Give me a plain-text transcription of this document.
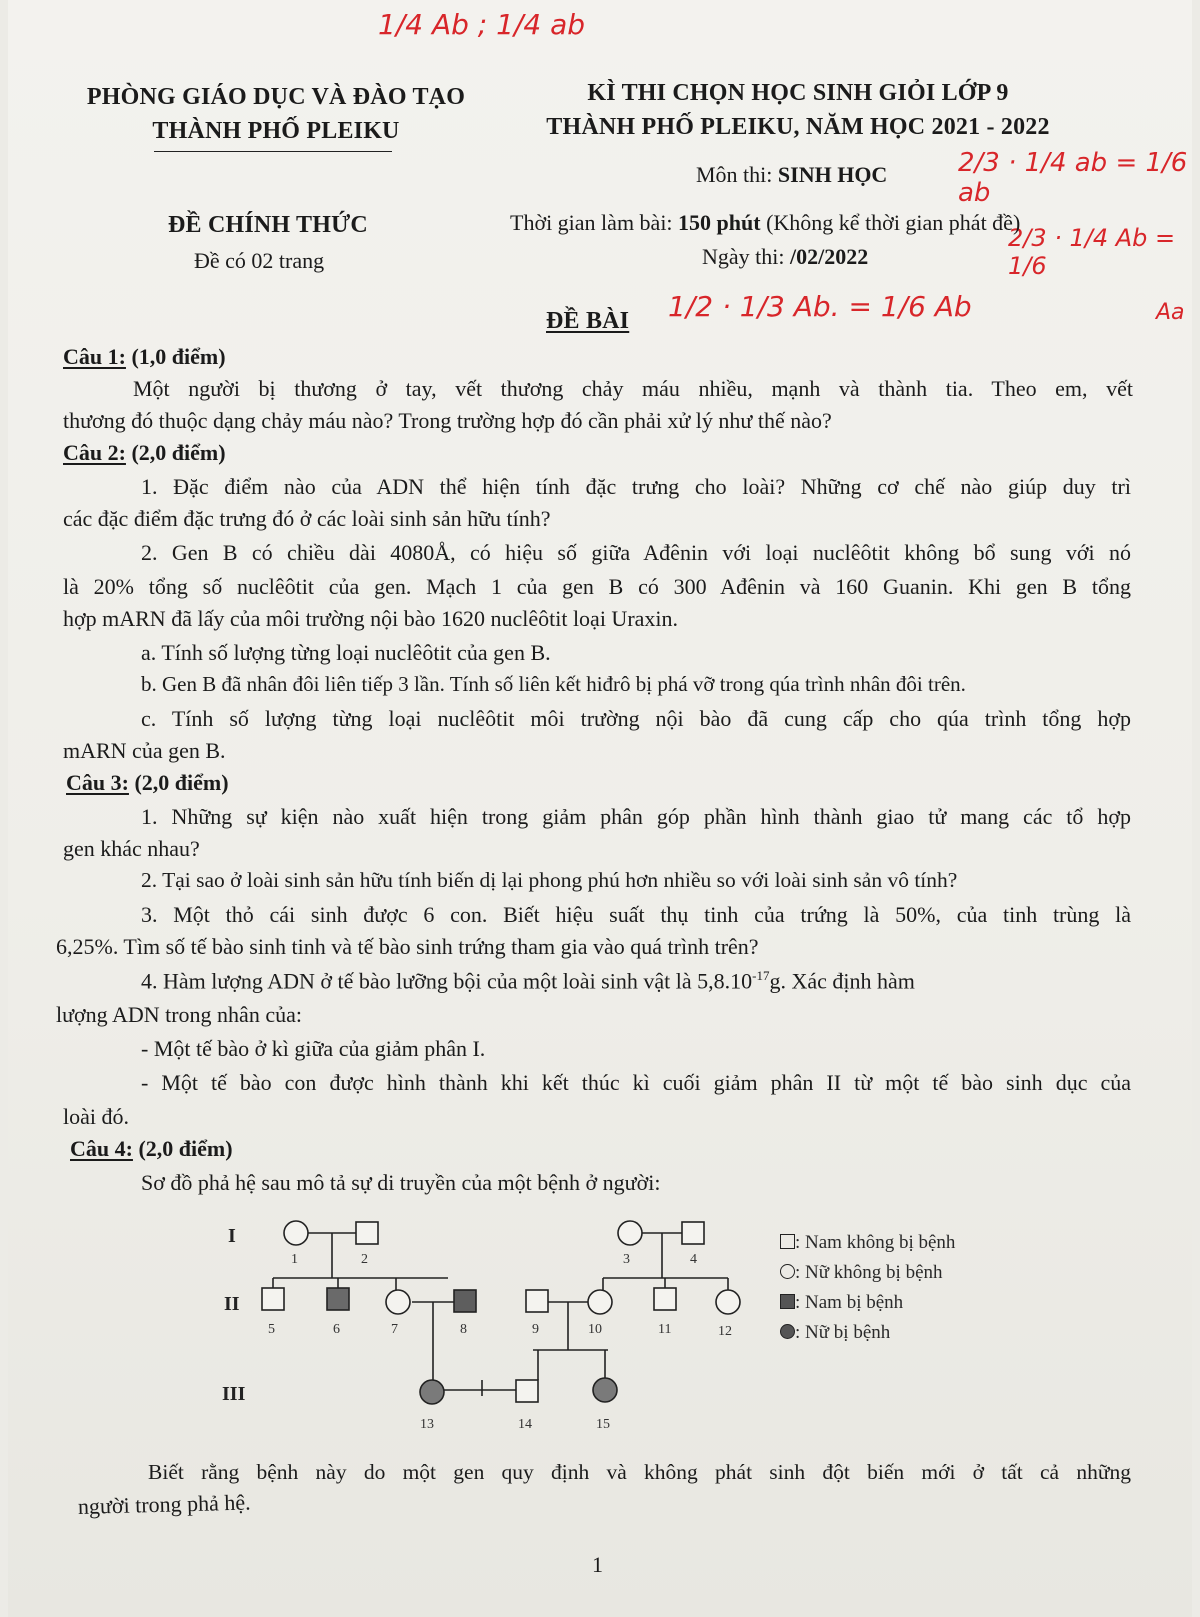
1/4 Ab ; 1/4 ab
2/3 · 1/4 ab = 1/6 ab
2/3 · 1/4 Ab = 1/6
1/2 · 1/3 Ab. = 1/6 Ab	Aa
PHÒNG GIÁO DỤC VÀ ĐÀO TẠO
THÀNH PHỐ PLEIKU
KÌ THI CHỌN HỌC SINH GIỎI LỚP 9
THÀNH PHỐ PLEIKU, NĂM HỌC 2021 - 2022
Môn thi: SINH HỌC
ĐỀ CHÍNH THỨC
Đề có 02 trang
Thời gian làm bài: 150 phút (Không kể thời gian phát đề)
Ngày thi: /02/2022
ĐỀ BÀI
Câu 1: (1,0 điểm)

Một người bị thương ở tay, vết thương chảy máu nhiều, mạnh và thành tia. Theo em, vết

thương đó thuộc dạng chảy máu nào? Trong trường hợp đó cần phải xử lý như thế nào?

Câu 2: (2,0 điểm)

1. Đặc điểm nào của ADN thể hiện tính đặc trưng cho loài? Những cơ chế nào giúp duy trì

các đặc điểm đặc trưng đó ở các loài sinh sản hữu tính?

2. Gen B có chiều dài 4080Å, có hiệu số giữa Ađênin với loại nuclêôtit không bổ sung với nó

là 20% tổng số nuclêôtit của gen. Mạch 1 của gen B có 300 Ađênin và 160 Guanin. Khi gen B tổng

hợp mARN đã lấy của môi trường nội bào 1620 nuclêôtit loại Uraxin.

a. Tính số lượng từng loại nuclêôtit của gen B.

b. Gen B đã nhân đôi liên tiếp 3 lần. Tính số liên kết hiđrô bị phá vỡ trong qúa trình nhân đôi trên.

c. Tính số lượng từng loại nuclêôtit môi trường nội bào đã cung cấp cho qúa trình tổng hợp

mARN của gen B.

Câu 3: (2,0 điểm)

1. Những sự kiện nào xuất hiện trong giảm phân góp phần hình thành giao tử mang các tổ hợp

gen khác nhau?

2. Tại sao ở loài sinh sản hữu tính biến dị lại phong phú hơn nhiều so với loài sinh sản vô tính?

3. Một thỏ cái sinh được 6 con. Biết hiệu suất thụ tinh của trứng là 50%, của tinh trùng là

6,25%. Tìm số tế bào sinh tinh và tế bào sinh trứng tham gia vào quá trình trên?

4. Hàm lượng ADN ở tế bào lưỡng bội của một loài sinh vật là $5,8.10^{-17}g$. Xác định hàm

lượng ADN trong nhân của:

- Một tế bào ở kì giữa của giảm phân I.

- Một tế bào con được hình thành khi kết thúc kì cuối giảm phân II từ một tế bào sinh dục của

loài đó.

Câu 4: (2,0 điểm)

Sơ đồ phả hệ sau mô tả sự di truyền của một bệnh ở người:

I
II
III
1	2	3	4
5	6	7	8	9	10	11	12
13	14	15
: Nam không bị bệnh
: Nữ không bị bệnh
: Nam bị bệnh
: Nữ bị bệnh

Biết rằng bệnh này do một gen quy định và không phát sinh đột biến mới ở tất cả những

người trong phả hệ.

1
